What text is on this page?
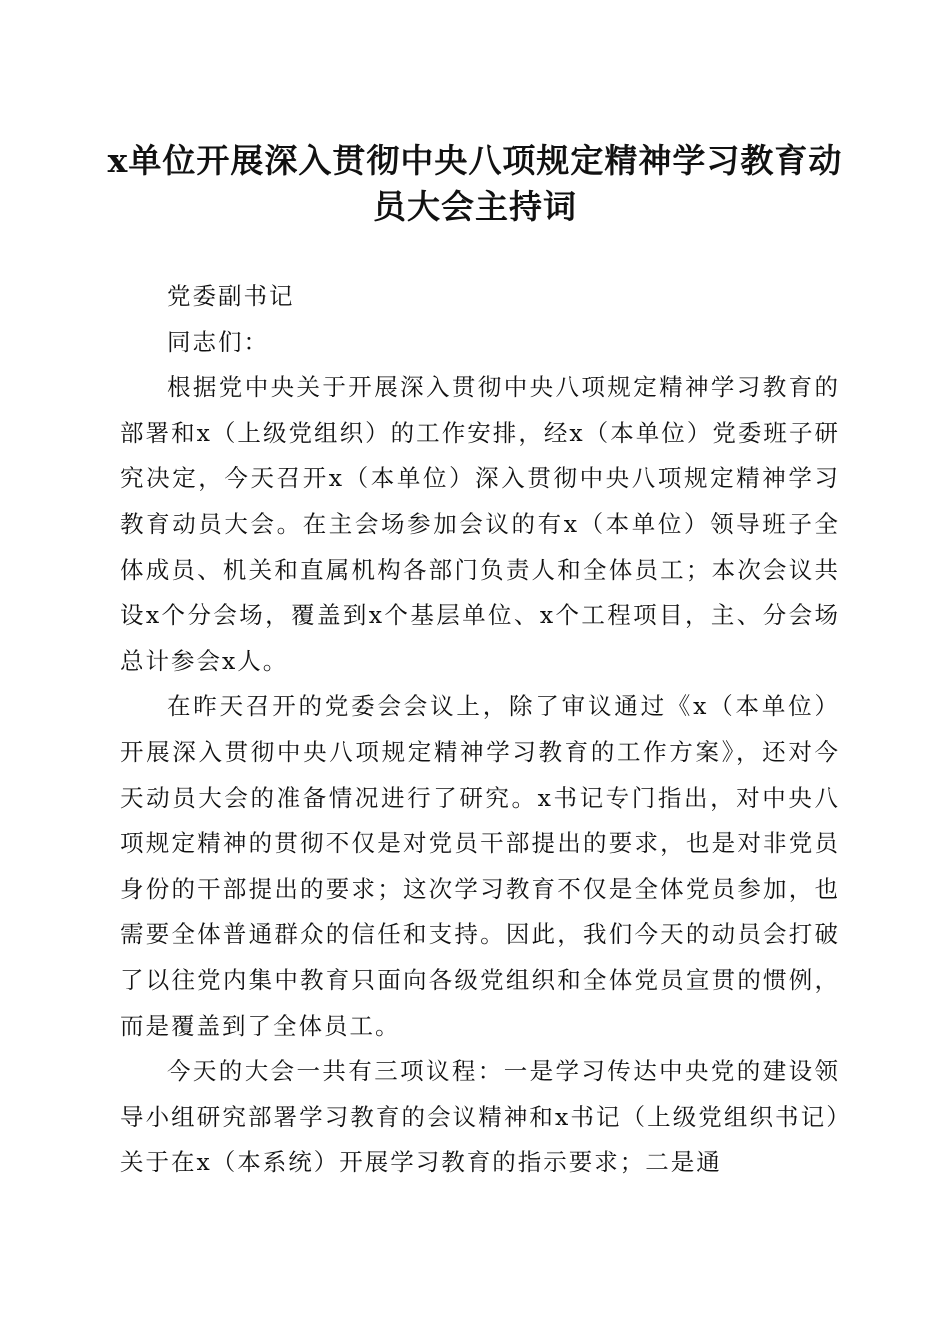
x单位开展深入贯彻中央八项规定精神学习教育动员大会主持词

党委副书记

同志们：

根据党中央关于开展深入贯彻中央八项规定精神学习教育的部署和x（上级党组织）的工作安排，经x（本单位）党委班子研究决定，今天召开x（本单位）深入贯彻中央八项规定精神学习教育动员大会。在主会场参加会议的有x（本单位）领导班子全体成员、机关和直属机构各部门负责人和全体员工；本次会议共设x个分会场，覆盖到x个基层单位、x个工程项目，主、分会场总计参会x人。

在昨天召开的党委会会议上，除了审议通过《x（本单位）开展深入贯彻中央八项规定精神学习教育的工作方案》，还对今天动员大会的准备情况进行了研究。x书记专门指出，对中央八项规定精神的贯彻不仅是对党员干部提出的要求，也是对非党员身份的干部提出的要求；这次学习教育不仅是全体党员参加，也需要全体普通群众的信任和支持。因此，我们今天的动员会打破了以往党内集中教育只面向各级党组织和全体党员宣贯的惯例，而是覆盖到了全体员工。

今天的大会一共有三项议程：一是学习传达中央党的建设领导小组研究部署学习教育的会议精神和x书记（上级党组织书记）关于在x（本系统）开展学习教育的指示要求；二是通
